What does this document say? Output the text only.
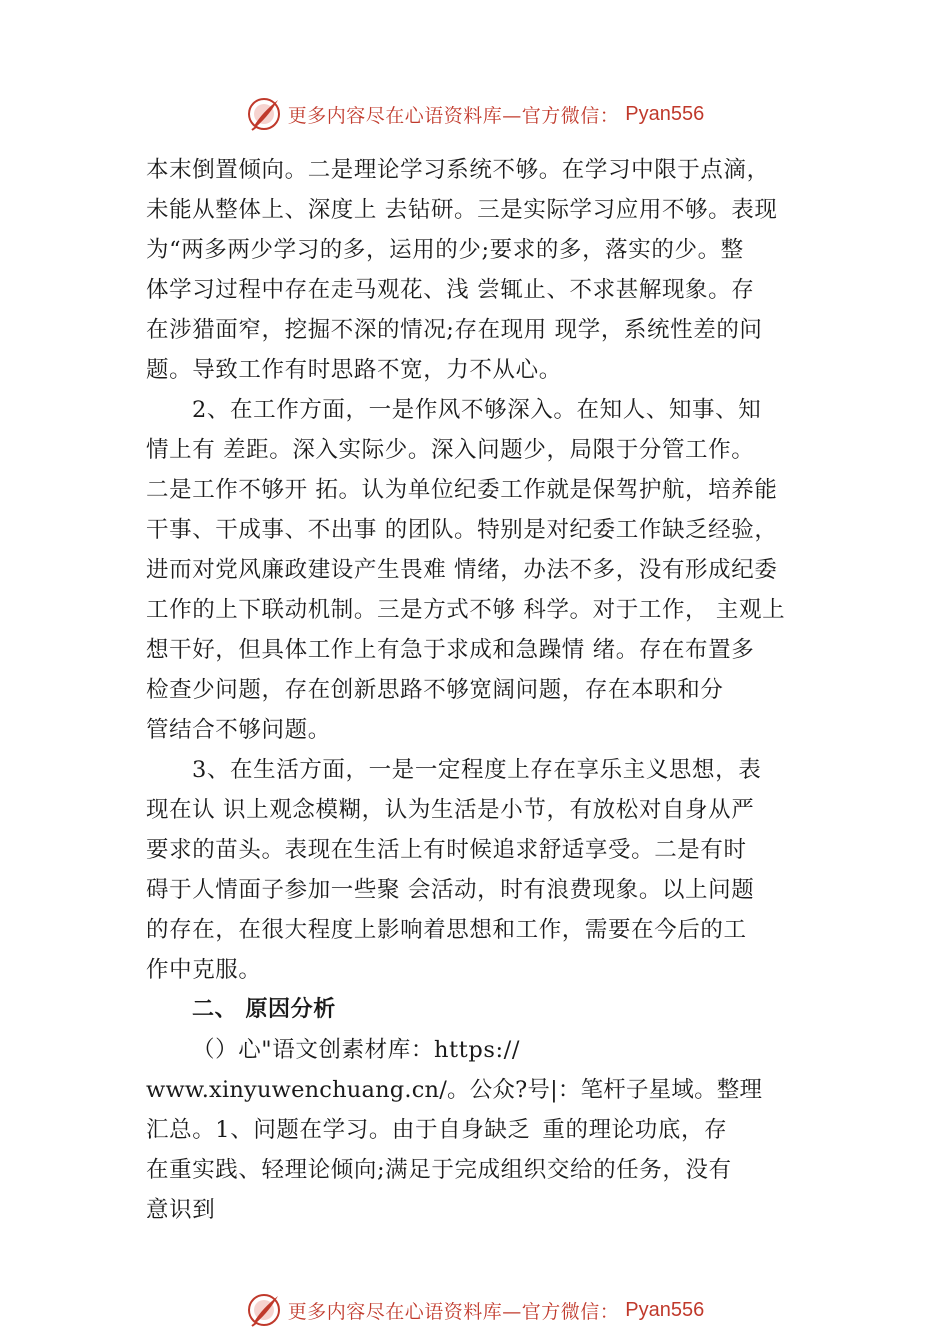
更多内容尽在心语资料库—官方微信： Pyan556
本末倒置倾向。二是理论学习系统不够。在学习中限于点滴，
未能从整体上、深度上 去钻研。三是实际学习应用不够。表现
为“两多两少学习的多，运用的少;要求的多，落实的少。整
体学习过程中存在走马观花、浅 尝辄止、不求甚解现象。存
在涉猎面窄，挖掘不深的情况;存在现用 现学，系统性差的问
题。导致工作有时思路不宽，力不从心。
2、在工作方面，一是作风不够深入。在知人、知事、知
情上有 差距。深入实际少。深入问题少，局限于分管工作。
二是工作不够开 拓。认为单位纪委工作就是保驾护航，培养能
干事、干成事、不出事 的团队。特别是对纪委工作缺乏经验，
进而对党风廉政建设产生畏难 情绪，办法不多，没有形成纪委
工作的上下联动机制。三是方式不够 科学。对于工作， 主观上
想干好，但具体工作上有急于求成和急躁情 绪。存在布置多
检查少问题，存在创新思路不够宽阔问题，存在本职和分
管结合不够问题。
3、在生活方面，一是一定程度上存在享乐主义思想，表
现在认 识上观念模糊，认为生活是小节，有放松对自身从严
要求的苗头。表现在生活上有时候追求舒适享受。二是有时
碍于人情面子参加一些聚 会活动，时有浪费现象。以上问题
的存在，在很大程度上影响着思想和工作，需要在今后的工
作中克服。
二、 原因分析
（）心"语文创素材库：https://
www.xinyuwenchuang.cn/。公众?号|：笔杆子星域。整理
汇总。1、问题在学习。由于自身缺乏 重的理论功底，存
在重实践、轻理论倾向;满足于完成组织交给的任务，没有
意识到
更多内容尽在心语资料库—官方微信： Pyan556
